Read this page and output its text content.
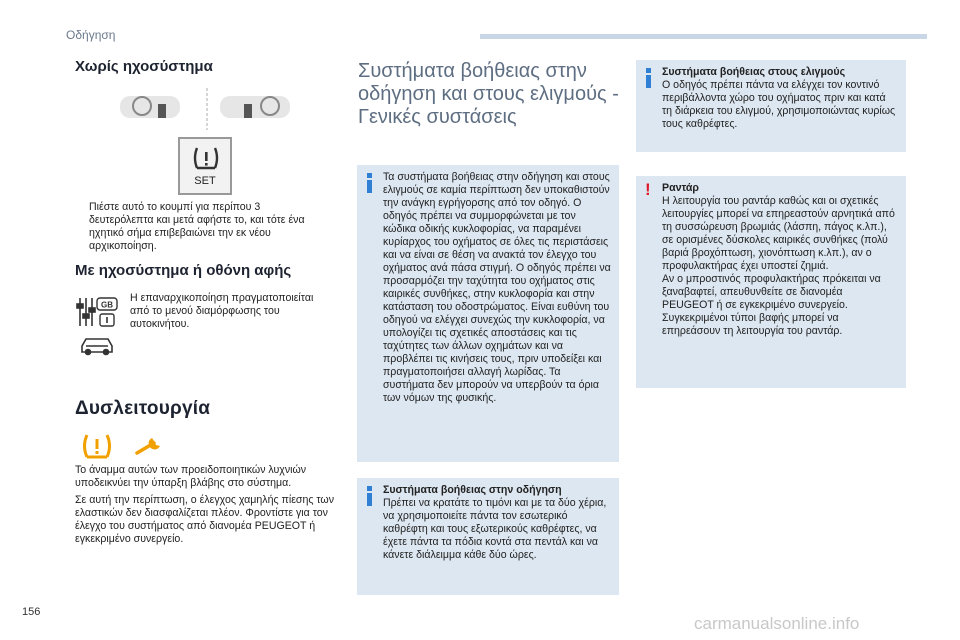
Οδήγηση
Χωρίς ηχοσύστημα
SET
Πιέστε αυτό το κουμπί για περίπου 3 δευτερόλεπτα και μετά αφήστε το, και τότε ένα ηχητικό σήμα επιβεβαιώνει την εκ νέου αρχικοποίηση.
Με ηχοσύστημα ή οθόνη αφής
GB
Η επαναρχικοποίηση πραγματοποιείται από το μενού διαμόρφωσης του αυτοκινήτου.
Δυσλειτουργία
Το άναμμα αυτών των προειδοποιητικών λυχνιών υποδεικνύει την ύπαρξη βλάβης στο σύστημα.
Σε αυτή την περίπτωση, ο έλεγχος χαμηλής πίεσης των ελαστικών δεν διασφαλίζεται πλέον. Φροντίστε για τον έλεγχο του συστήματος από διανομέα PEUGEOT ή εγκεκριμένο συνεργείο.
Συστήματα βοήθειας στην οδήγηση και στους ελιγμούς - Γενικές συστάσεις
Τα συστήματα βοήθειας στην οδήγηση και στους ελιγμούς σε καμία περίπτωση δεν υποκαθιστούν την ανάγκη εγρήγορσης από τον οδηγό. Ο οδηγός πρέπει να συμμορφώνεται με τον κώδικα οδικής κυκλοφορίας, να παραμένει κυρίαρχος του οχήματος σε όλες τις περιστάσεις και να είναι σε θέση να ανακτά τον έλεγχο του οχήματος ανά πάσα στιγμή. Ο οδηγός πρέπει να προσαρμόζει την ταχύτητα του οχήματος στις καιρικές συνθήκες, στην κυκλοφορία και στην κατάσταση του οδοστρώματος. Είναι ευθύνη του οδηγού να ελέγχει συνεχώς την κυκλοφορία, να υπολογίζει τις σχετικές αποστάσεις και τις ταχύτητες των άλλων οχημάτων και να προβλέπει τις κινήσεις τους, πριν υποδείξει και πραγματοποιήσει αλλαγή λωρίδας. Τα συστήματα δεν μπορούν να υπερβούν τα όρια των νόμων της φυσικής.
Συστήματα βοήθειας στην οδήγηση
Πρέπει να κρατάτε το τιμόνι και με τα δύο χέρια, να χρησιμοποιείτε πάντα τον εσωτερικό καθρέφτη και τους εξωτερικούς καθρέφτες, να έχετε πάντα τα πόδια κοντά στα πεντάλ και να κάνετε διάλειμμα κάθε δύο ώρες.
Συστήματα βοήθειας στους ελιγμούς
Ο οδηγός πρέπει πάντα να ελέγχει τον κοντινό περιβάλλοντα χώρο του οχήματος πριν και κατά τη διάρκεια του ελιγμού, χρησιμοποιώντας κυρίως τους καθρέφτες.
! Ραντάρ
Η λειτουργία του ραντάρ καθώς και οι σχετικές λειτουργίες μπορεί να επηρεαστούν αρνητικά από τη συσσώρευση βρωμιάς (λάσπη, πάγος κ.λπ.), σε ορισμένες δύσκολες καιρικές συνθήκες (πολύ βαριά βροχόπτωση, χιονόπτωση κ.λπ.), αν ο προφυλακτήρας έχει υποστεί ζημιά.
Αν ο μπροστινός προφυλακτήρας πρόκειται να ξαναβαφτεί, απευθυνθείτε σε διανομέα PEUGEOT ή σε εγκεκριμένο συνεργείο. Συγκεκριμένοι τύποι βαφής μπορεί να επηρεάσουν τη λειτουργία του ραντάρ.
156
carmanualsonline.info
